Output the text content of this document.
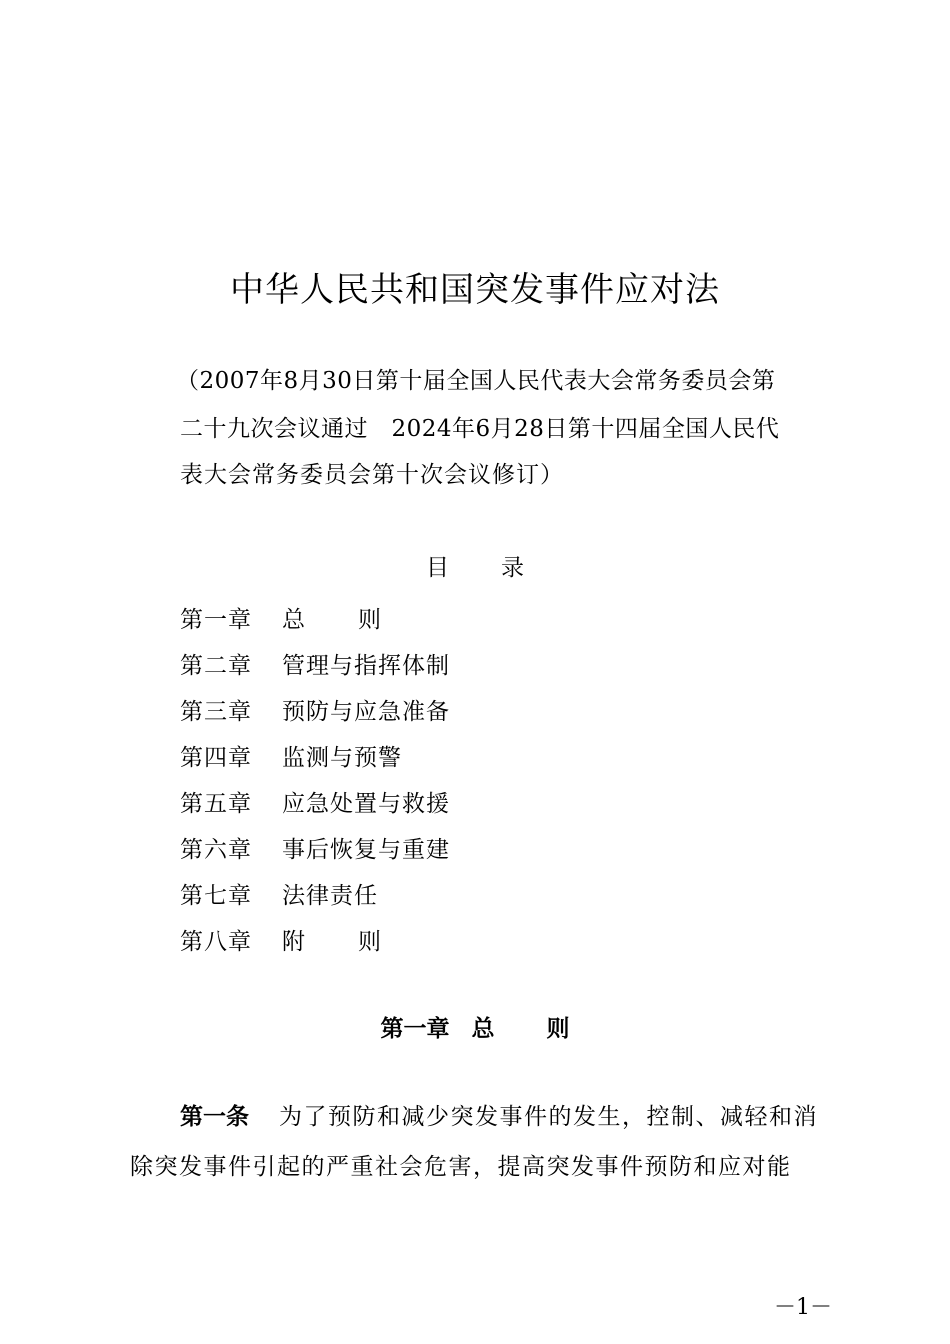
中华人民共和国突发事件应对法
（2007年8月30日第十届全国人民代表大会常务委员会第
二十九次会议通过　2024年6月28日第十四届全国人民代
表大会常务委员会第十次会议修订）
目 录
第一章	总 则
第二章	管理与指挥体制
第三章	预防与应急准备
第四章	监测与预警
第五章	应急处置与救援
第六章	事后恢复与重建
第七章	法律责任
第八章	附 则
第一章 总 则
第一条 为了预防和减少突发事件的发生，控制、减轻和消
除突发事件引起的严重社会危害，提高突发事件预防和应对能
－1－
